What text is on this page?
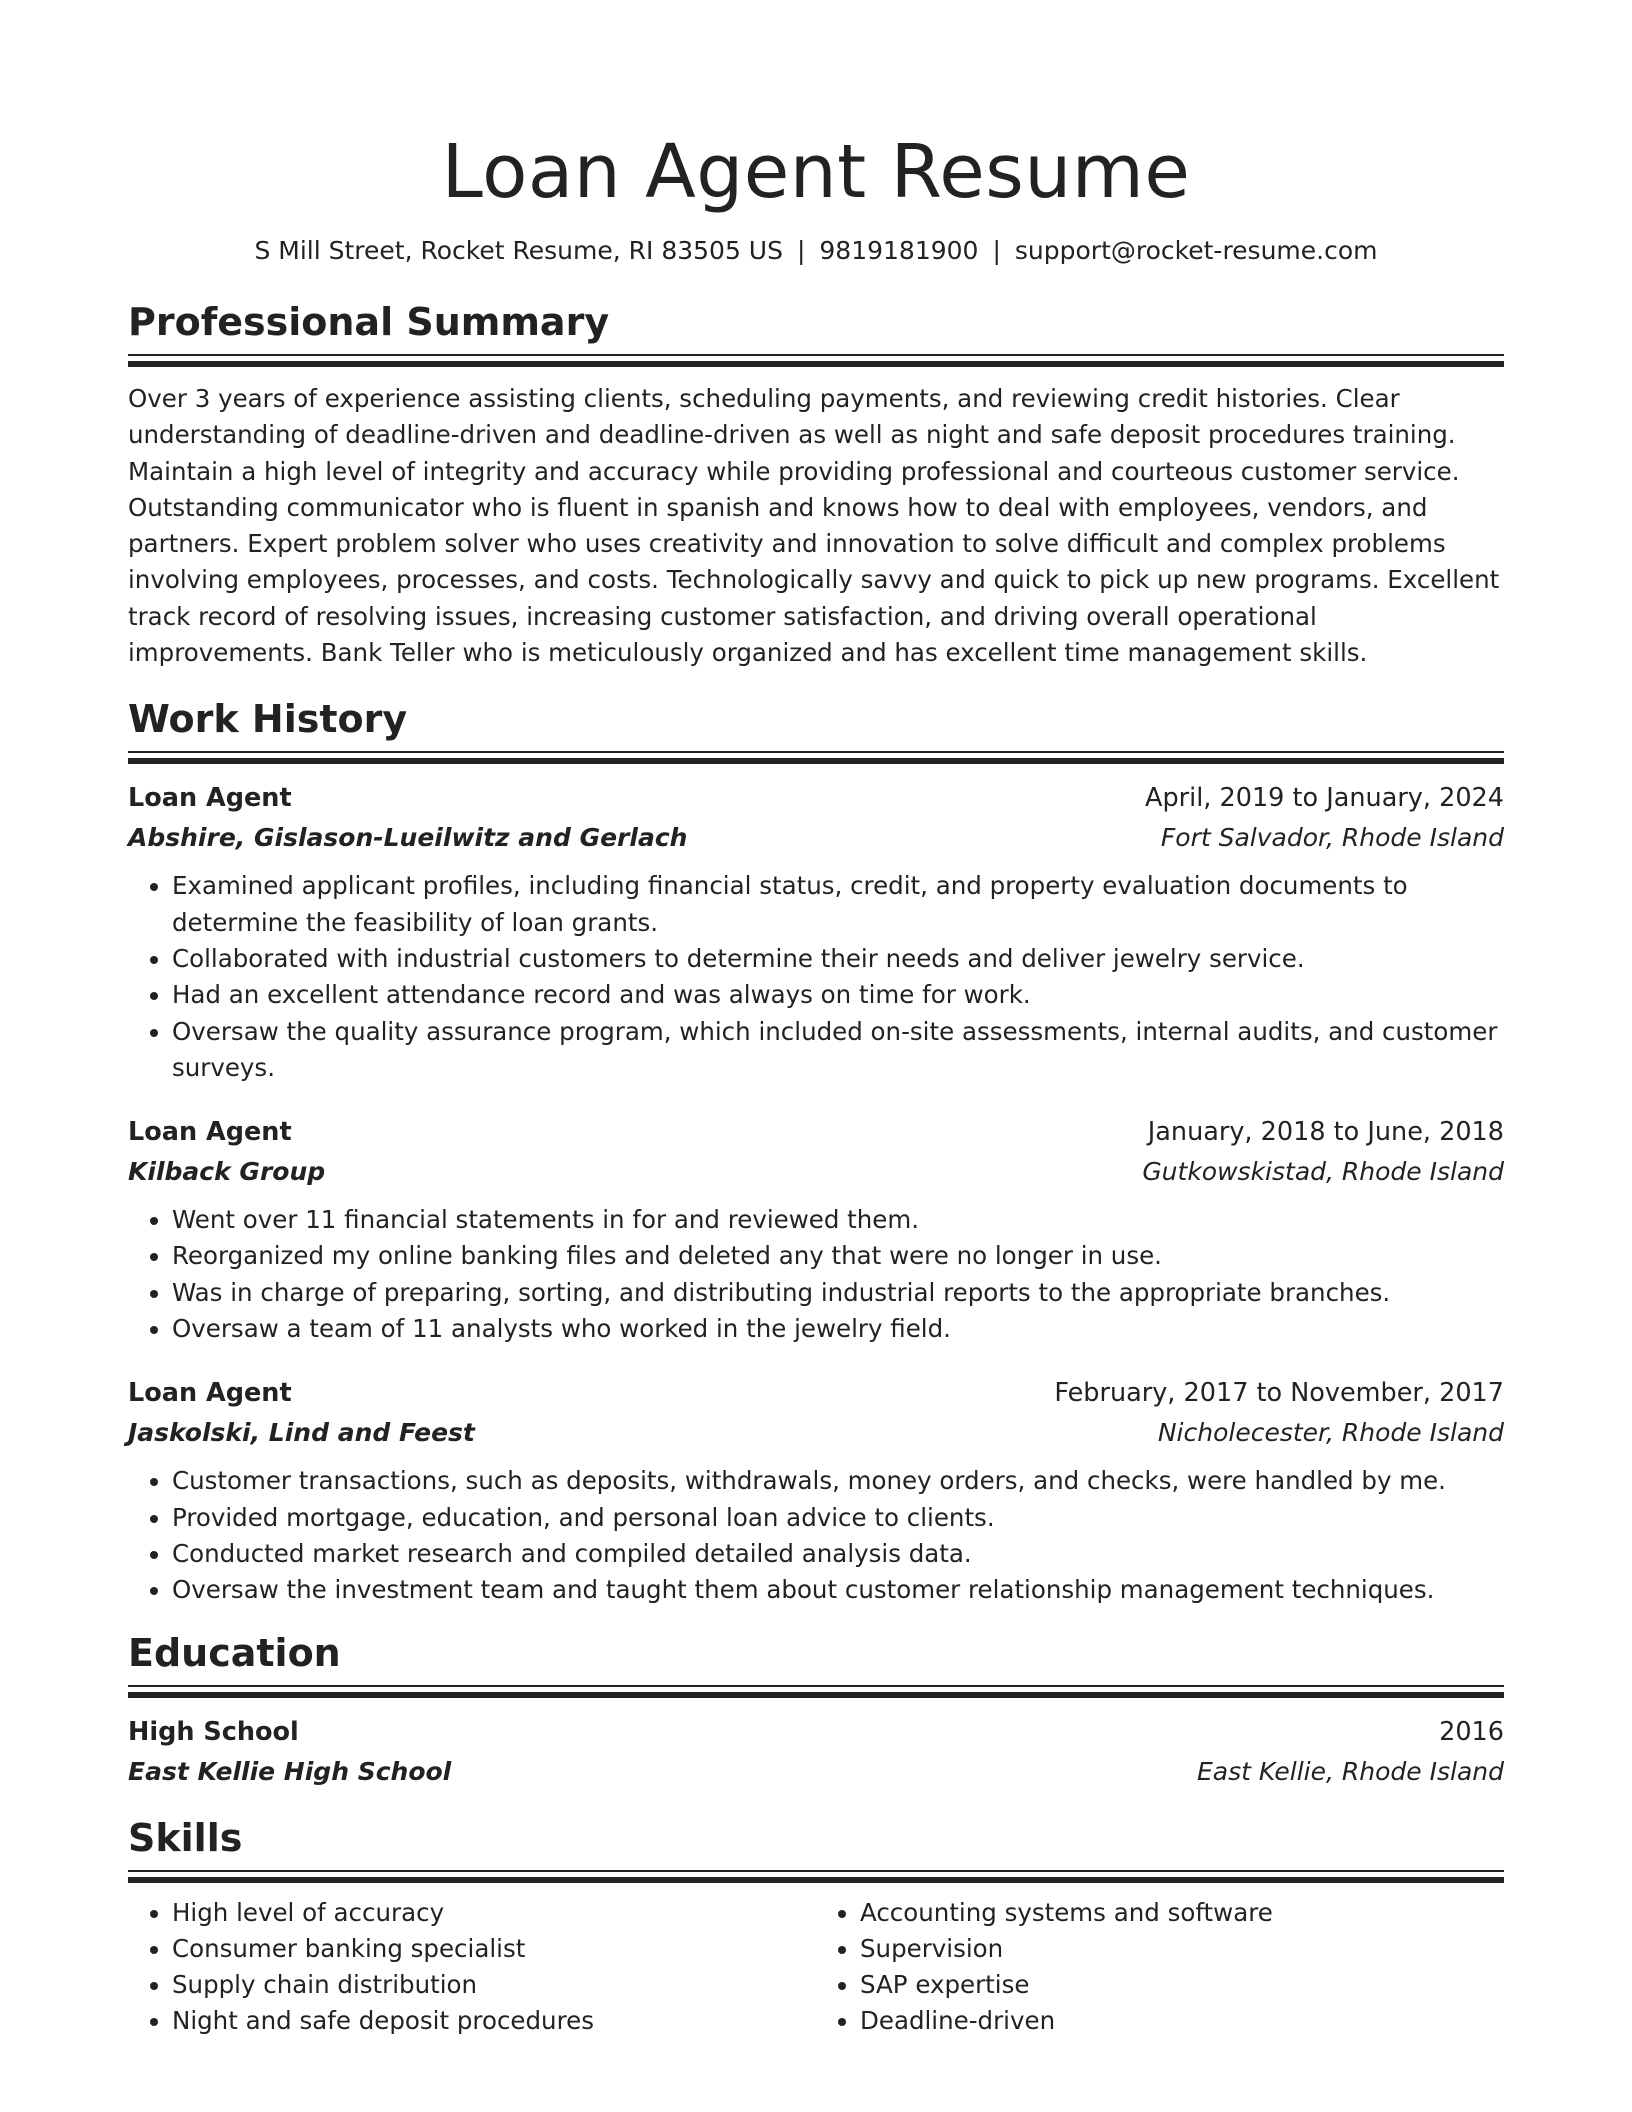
Loan Agent Resume
S Mill Street, Rocket Resume, RI 83505 US | 9819181900 | support@rocket-resume.com
Professional Summary

Over 3 years of experience assisting clients, scheduling payments, and reviewing credit histories. Clear understanding of deadline-driven and deadline-driven as well as night and safe deposit procedures training. Maintain a high level of integrity and accuracy while providing professional and courteous customer service. Outstanding communicator who is fluent in spanish and knows how to deal with employees, vendors, and partners. Expert problem solver who uses creativity and innovation to solve difficult and complex problems involving employees, processes, and costs. Technologically savvy and quick to pick up new programs. Excellent track record of resolving issues, increasing customer satisfaction, and driving overall operational improvements. Bank Teller who is meticulously organized and has excellent time management skills.

Work History
Loan Agent	April, 2019 to January, 2024
Abshire, Gislason-Lueilwitz and Gerlach	Fort Salvador, Rhode Island
• Examined applicant profiles, including financial status, credit, and property evaluation documents to determine the feasibility of loan grants.
• Collaborated with industrial customers to determine their needs and deliver jewelry service.
• Had an excellent attendance record and was always on time for work.
• Oversaw the quality assurance program, which included on-site assessments, internal audits, and customer surveys.
Loan Agent	January, 2018 to June, 2018
Kilback Group	Gutkowskistad, Rhode Island
• Went over 11 financial statements in for and reviewed them.
• Reorganized my online banking files and deleted any that were no longer in use.
• Was in charge of preparing, sorting, and distributing industrial reports to the appropriate branches.
• Oversaw a team of 11 analysts who worked in the jewelry field.
Loan Agent	February, 2017 to November, 2017
Jaskolski, Lind and Feest	Nicholecester, Rhode Island
• Customer transactions, such as deposits, withdrawals, money orders, and checks, were handled by me.
• Provided mortgage, education, and personal loan advice to clients.
• Conducted market research and compiled detailed analysis data.
• Oversaw the investment team and taught them about customer relationship management techniques.
Education
High School	2016
East Kellie High School	East Kellie, Rhode Island
Skills
• High level of accuracy
• Consumer banking specialist
• Supply chain distribution
• Night and safe deposit procedures
• Accounting systems and software
• Supervision
• SAP expertise
• Deadline-driven
